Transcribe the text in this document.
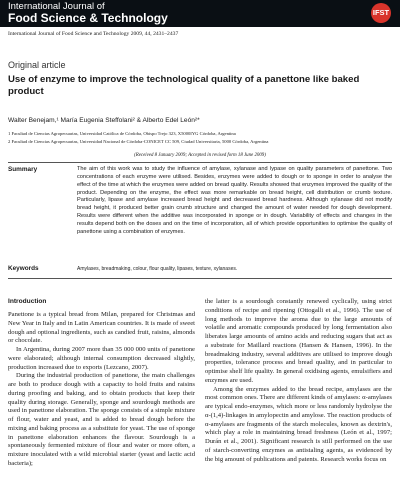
International Journal of
Food Science & Technology	IFST
International Journal of Food Science and Technology 2009, 44, 2431–2437
Original article
Use of enzyme to improve the technological quality of a panettone like baked product
Walter Benejam,¹ María Eugenia Steffolani² & Alberto Edel León²*
1 Facultad de Ciencias Agropecuarias, Universidad Católica de Córdoba, Obispo Trejo 323, X5000IYG Córdoba, Argentina
2 Facultad de Ciencias Agropecuarias, Universidad Nacional de Córdoba-CONICET CC 509, Ciudad Universitaria, 5000 Córdoba, Argentina
(Received 8 January 2009; Accepted in revised form 18 June 2009)
Summary	The aim of this work was to study the influence of amylase, xylanase and lypase on quality parameters of panettone. Two concentrations of each enzyme were utilised. Besides, enzymes were added to dough or to sponge in order to analyse the effect of the time at which the enzymes were added on bread quality. Results showed that enzymes improved the quality of the product. Depending on the enzyme, the effect was more remarkable on bread height, cell distribution or crumb texture. Particularly, lipase and amylase increased bread height and decreased bread hardness. Although xylanase did not modify bread height, it produced better grain crumb structure and changed the amount of water needed for dough development. Results were different when the additive was incorporated in sponge or in dough. Variability of effects and changes in the results depend both on the doses and on the time of incorporation, all of which provide opportunities to optimise the quality of panettone using a combination of enzymes.
Keywords	Amylases, breadmaking, colour, flour quality, lipases, texture, xylanases.
Introduction

Panettone is a typical bread from Milan, prepared for Christmas and New Year in Italy and in Latin American countries. It is made of sweet dough and optional ingredients, such as candied fruit, raisins, almonds or chocolate.

In Argentina, during 2007 more than 35 000 000 units of panettone were elaborated; although internal consumption decreased slightly, production increased due to exports (Lezcano, 2007).

During the industrial production of panettone, the main challenges are both to produce dough with a capacity to hold fruits and raisins during proofing and baking, and to obtain products that keep their quality during storage. Generally, sponge and sourdough methods are used in panettone elaboration. The sponge consists of a simple mixture of flour, water and yeast, and is added to bread dough before the mixing and baking process as a substitute for yeast. The use of sponge in panettone elaboration enhances the flavour. Sourdough is a spontaneously fermented mixture of flour and water or more often, a mixture inoculated with a wild microbial starter (yeast and lactic acid bacteria);

the latter is a sourdough constantly renewed cyclically, using strict conditions of recipe and ripening (Ottogalli et al., 1996). The use of long methods to improve the aroma due to the large amounts of volatile and aromatic compounds produced by long fermentation also liberates large amounts of amino acids and reducing sugars that act as a substrate for Maillard reactions (Hansen & Hansen, 1996). In the breadmaking industry, several additives are utilised to improve dough properties, tolerance process and bread quality, and in particular to optimise shelf life quality. In general oxidising agents, emulsifiers and enzymes are used.

Among the enzymes added to the bread recipe, amylases are the most common ones. There are different kinds of amylases: α-amylases are typical endo-enzymes, which more or less randomly hydrolyse the α-(1,4)-linkages in amylopectin and amylose. The reaction products of α-amylases are fragments of the starch molecules, known as dextrin's, which play a role in maintaining bread freshness (León et al., 1997; Durán et al., 2001). Significant research is still performed on the use of starch-converting enzymes as antistaling agents, as evidenced by the big amount of publications and patents. Research works focus on
